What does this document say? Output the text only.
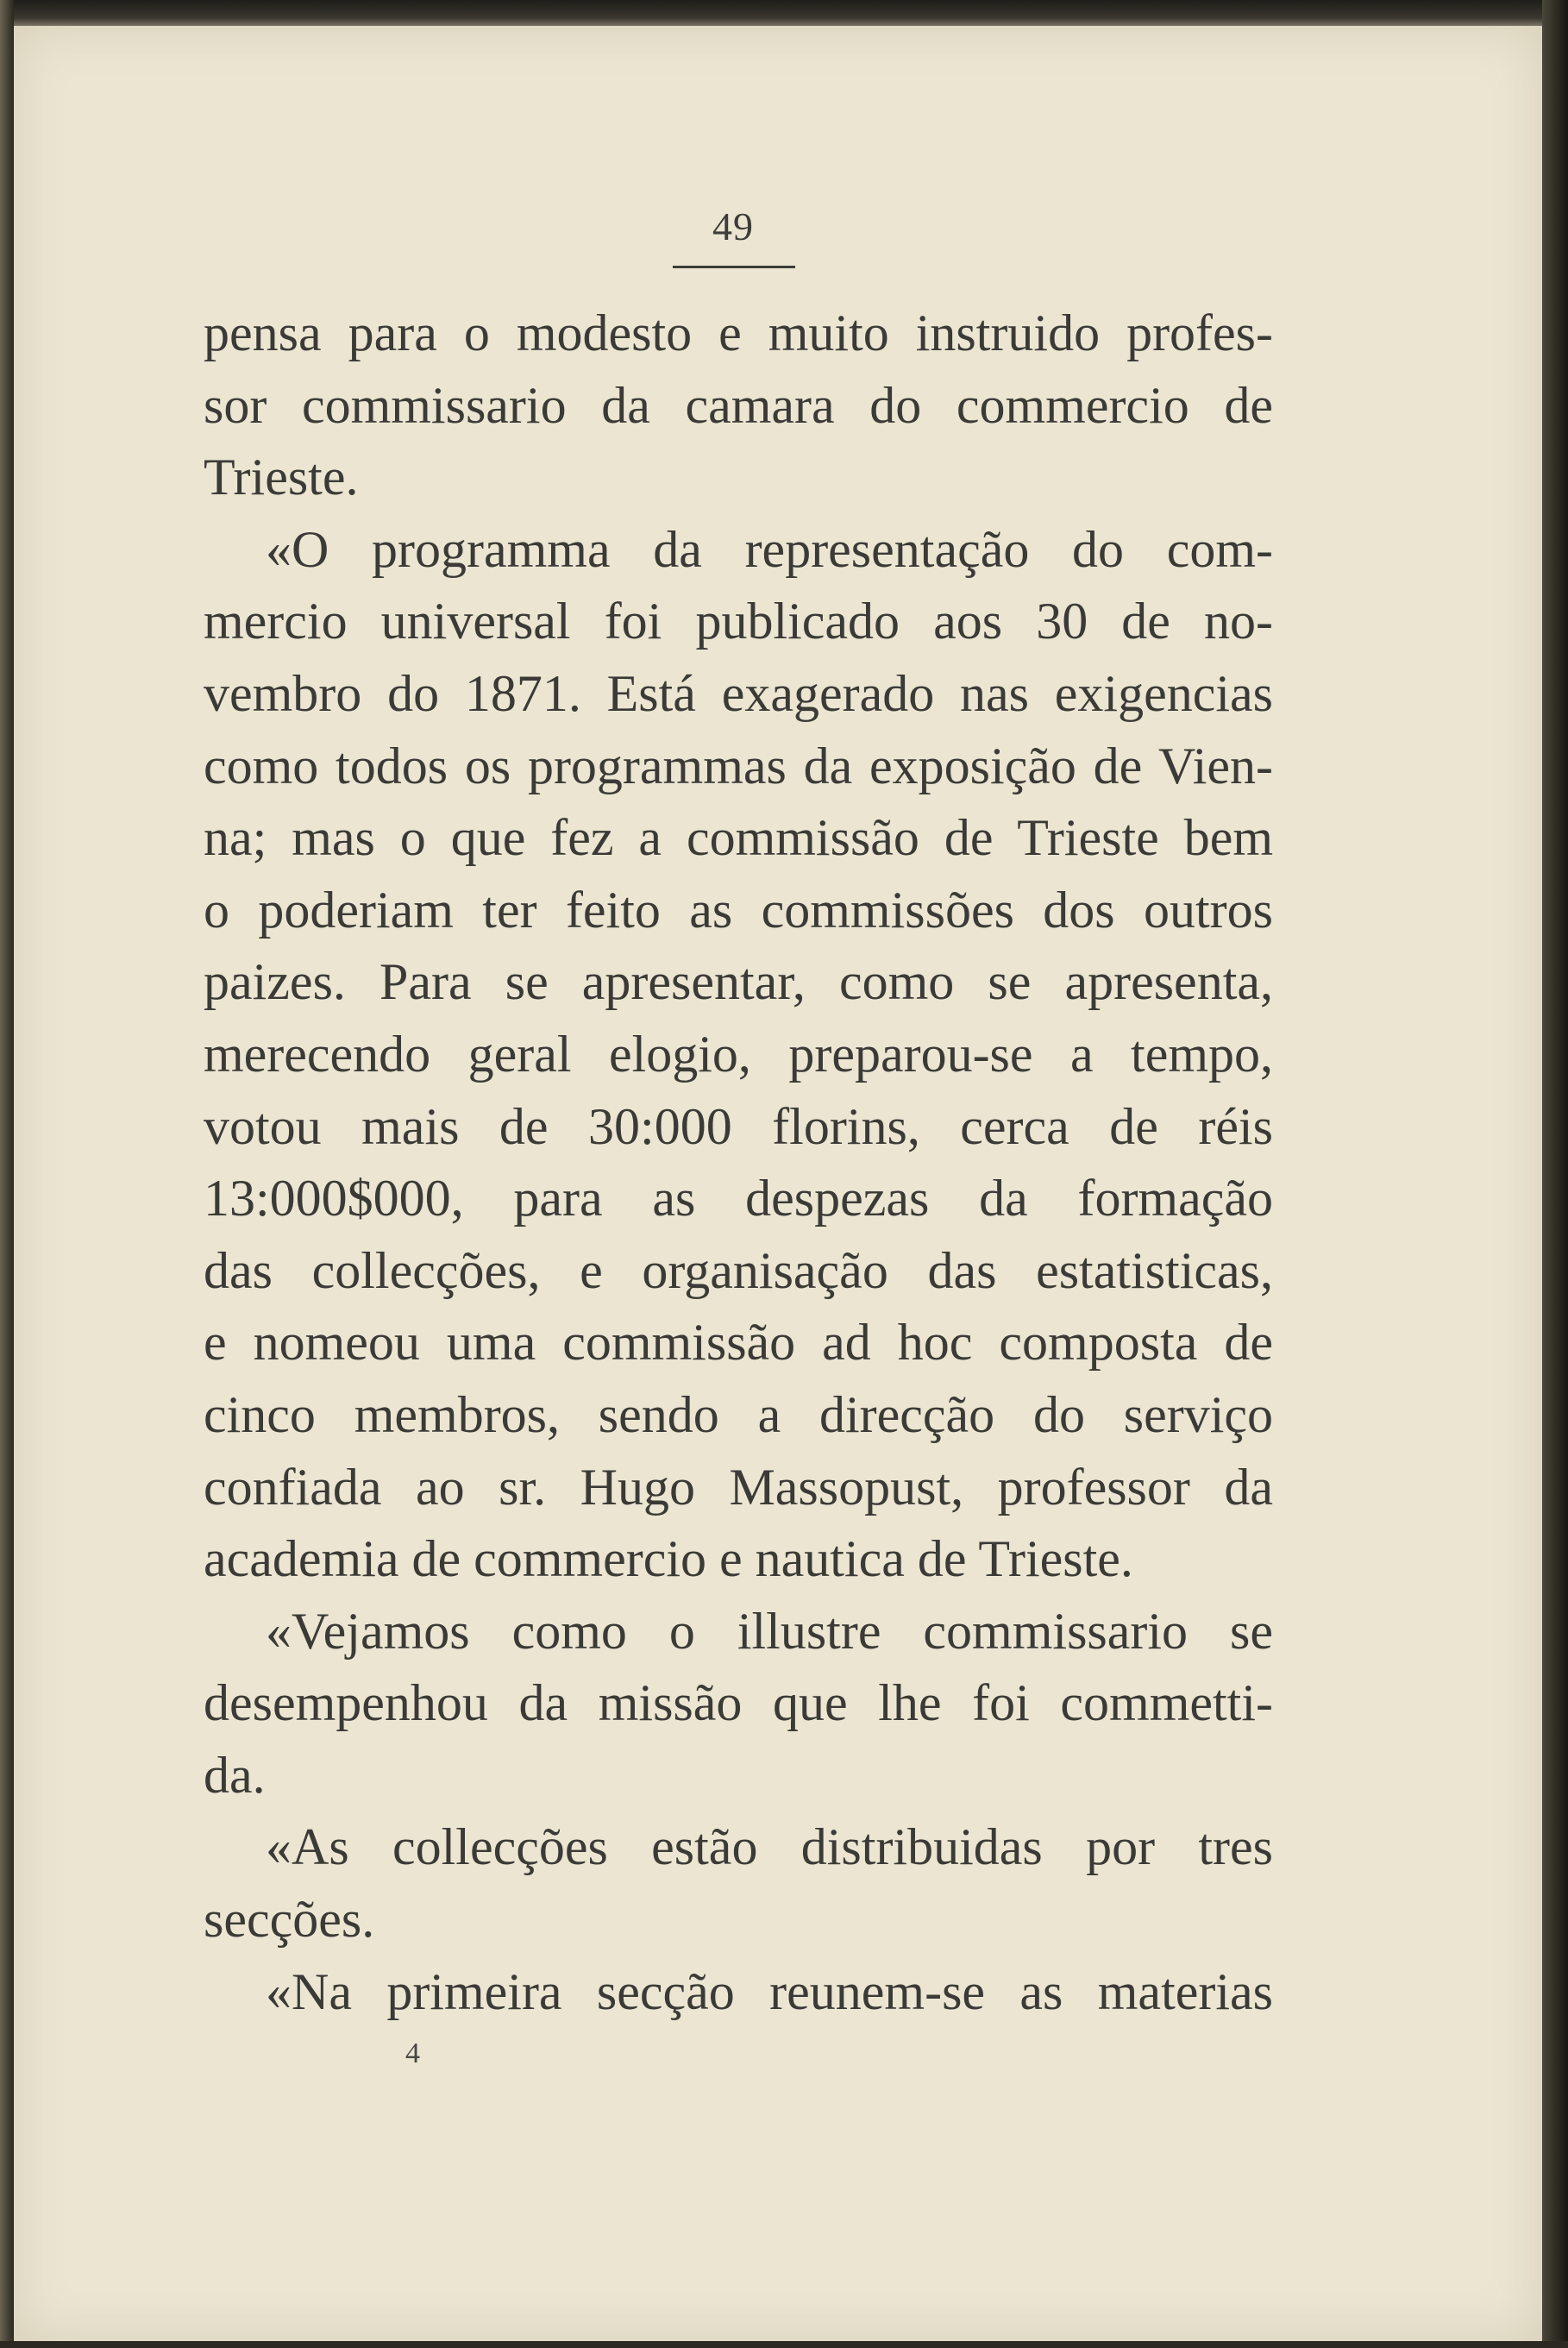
49
pensa para o modesto e muito instruido profes-
sor commissario da camara do commercio de
Trieste.
«O programma da representação do com-
mercio universal foi publicado aos 30 de no-
vembro do 1871. Está exagerado nas exigencias
como todos os programmas da exposição de Vien-
na; mas o que fez a commissão de Trieste bem
o poderiam ter feito as commissões dos outros
paizes. Para se apresentar, como se apresenta,
merecendo geral elogio, preparou-se a tempo,
votou mais de 30:000 florins, cerca de réis
13:000$000, para as despezas da formação
das collecções, e organisação das estatisticas,
e nomeou uma commissão ad hoc composta de
cinco membros, sendo a direcção do serviço
confiada ao sr. Hugo Massopust, professor da
academia de commercio e nautica de Trieste.
«Vejamos como o illustre commissario se
desempenhou da missão que lhe foi commetti-
da.
«As collecções estão distribuidas por tres
secções.
«Na primeira secção reunem-se as materias
4
